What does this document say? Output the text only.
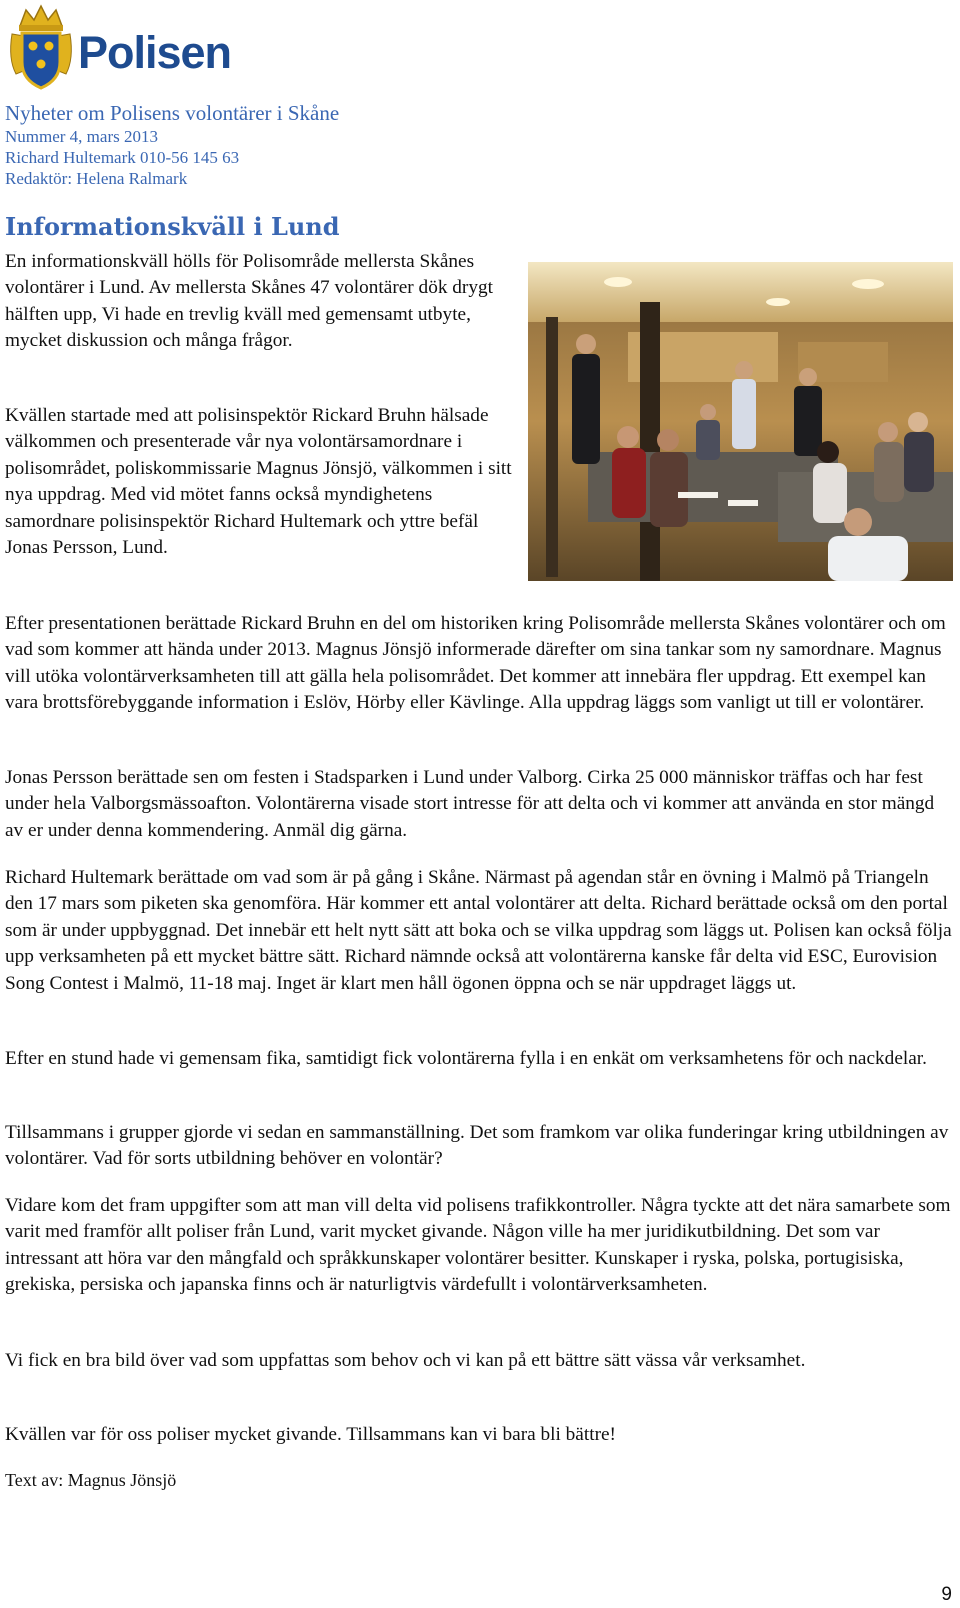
Polisen
Nyheter om Polisens volontärer i Skåne
Nummer 4, mars 2013
Richard Hultemark 010-56 145 63
Redaktör: Helena Ralmark
Informationskväll i Lund

En informationskväll hölls för Polisområde mellersta Skånes volontärer i Lund. Av mellersta Skånes 47 volontärer dök drygt hälften upp, Vi hade en trevlig kväll med gemensamt utbyte, mycket diskussion och många frågor.

Kvällen startade med att polisinspektör Rickard Bruhn hälsade välkommen och presenterade vår nya volontärsamordnare i polisområdet, poliskommissarie Magnus Jönsjö, välkommen i sitt nya uppdrag. Med vid mötet fanns också myndighetens samordnare polisinspektör Richard Hultemark och yttre befäl Jonas Persson, Lund.

Efter presentationen berättade Rickard Bruhn en del om historiken kring Polisområde mellersta Skånes volontärer och om vad som kommer att hända under 2013. Magnus Jönsjö informerade därefter om sina tankar som ny samordnare. Magnus vill utöka volontärverksamheten till att gälla hela polisområdet. Det kommer att innebära fler uppdrag. Ett exempel kan vara brottsförebyggande information i Eslöv, Hörby eller Kävlinge. Alla uppdrag läggs som vanligt ut till er volontärer.

Jonas Persson berättade sen om festen i Stadsparken i Lund under Valborg. Cirka 25 000 människor träffas och har fest under hela Valborgsmässoafton. Volontärerna visade stort intresse för att delta och vi kommer att använda en stor mängd av er under denna kommendering. Anmäl dig gärna.

Richard Hultemark berättade om vad som är på gång i Skåne. Närmast på agendan står en övning i Malmö på Triangeln den 17 mars som piketen ska genomföra. Här kommer ett antal volontärer att delta. Richard berättade också om den portal som är under uppbyggnad. Det innebär ett helt nytt sätt att boka och se vilka uppdrag som läggs ut. Polisen kan också följa upp verksamheten på ett mycket bättre sätt. Richard nämnde också att volontärerna kanske får delta vid ESC, Eurovision Song Contest i Malmö, 11-18 maj. Inget är klart men håll ögonen öppna och se när uppdraget läggs ut.

Efter en stund hade vi gemensam fika, samtidigt fick volontärerna fylla i en enkät om verksamhetens för och nackdelar.

Tillsammans i grupper gjorde vi sedan en sammanställning. Det som framkom var olika funderingar kring utbildningen av volontärer. Vad för sorts utbildning behöver en volontär?

Vidare kom det fram uppgifter som att man vill delta vid polisens trafikkontroller. Några tyckte att det nära samarbete som varit med framför allt poliser från Lund, varit mycket givande. Någon ville ha mer juridikutbildning. Det som var intressant att höra var den mångfald och språkkunskaper volontärer besitter. Kunskaper i ryska, polska, portugisiska, grekiska, persiska och japanska finns och är naturligtvis värdefullt i volontärverksamheten.

Vi fick en bra bild över vad som uppfattas som behov och vi kan på ett bättre sätt vässa vår verksamhet.

Kvällen var för oss poliser mycket givande. Tillsammans kan vi bara bli bättre!

Text av: Magnus Jönsjö
9
